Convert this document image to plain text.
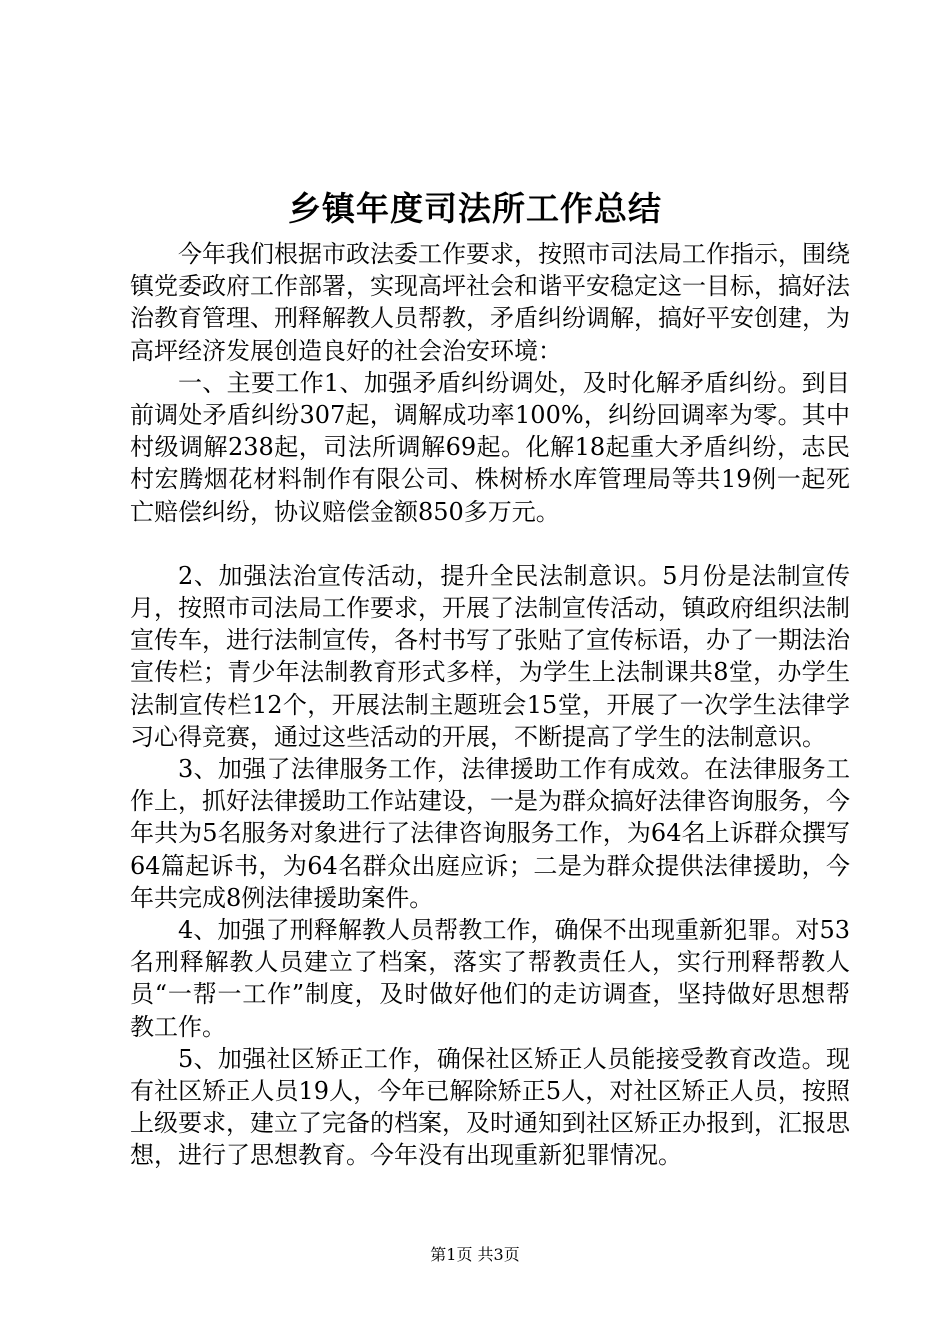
乡镇年度司法所工作总结

今年我们根据市政法委工作要求，按照市司法局工作指示，围绕镇党委政府工作部署，实现高坪社会和谐平安稳定这一目标，搞好法治教育管理、刑释解教人员帮教，矛盾纠纷调解，搞好平安创建，为高坪经济发展创造良好的社会治安环境：

一、主要工作1、加强矛盾纠纷调处，及时化解矛盾纠纷。到目前调处矛盾纠纷307起，调解成功率100%，纠纷回调率为零。其中村级调解238起，司法所调解69起。化解18起重大矛盾纠纷，志民村宏腾烟花材料制作有限公司、株树桥水库管理局等共19例一起死亡赔偿纠纷，协议赔偿金额850多万元。

2、加强法治宣传活动，提升全民法制意识。5月份是法制宣传月，按照市司法局工作要求，开展了法制宣传活动，镇政府组织法制宣传车，进行法制宣传，各村书写了张贴了宣传标语，办了一期法治宣传栏；青少年法制教育形式多样，为学生上法制课共8堂，办学生法制宣传栏12个，开展法制主题班会15堂，开展了一次学生法律学习心得竞赛，通过这些活动的开展，不断提高了学生的法制意识。

3、加强了法律服务工作，法律援助工作有成效。在法律服务工作上，抓好法律援助工作站建设，一是为群众搞好法律咨询服务，今年共为5名服务对象进行了法律咨询服务工作，为64名上诉群众撰写64篇起诉书，为64名群众出庭应诉；二是为群众提供法律援助，今年共完成8例法律援助案件。

4、加强了刑释解教人员帮教工作，确保不出现重新犯罪。对53名刑释解教人员建立了档案，落实了帮教责任人，实行刑释帮教人员“一帮一工作”制度，及时做好他们的走访调查，坚持做好思想帮教工作。

5、加强社区矫正工作，确保社区矫正人员能接受教育改造。现有社区矫正人员19人，今年已解除矫正5人，对社区矫正人员，按照上级要求，建立了完备的档案，及时通知到社区矫正办报到，汇报思想，进行了思想教育。今年没有出现重新犯罪情况。

第1页 共3页
